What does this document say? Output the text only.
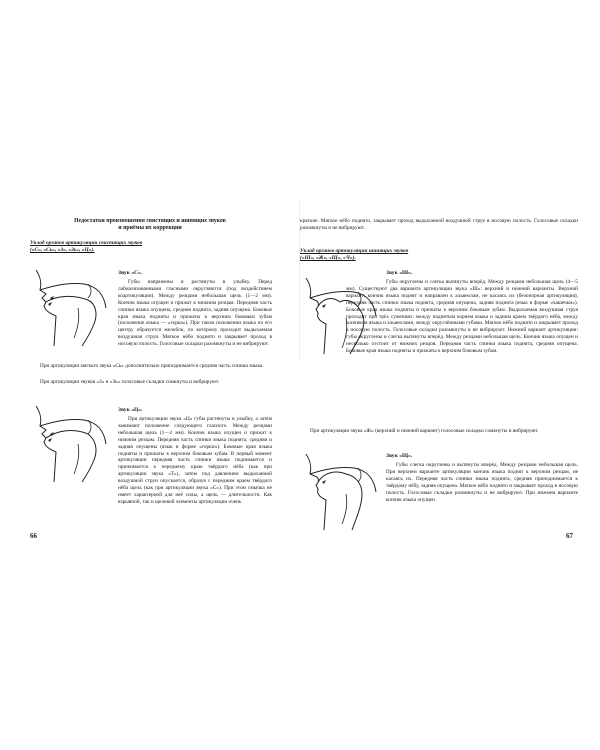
Недостатки произношения свистящих и шипящих звуков
и приёмы их коррекции
Уклад органов артикуляции свистящих звуков
(«С», «Сь», «З», «Зь», «Ц»).
Звук «С».

Губы напряжены и растянуты в улыбку. Перед лабиализованными гласными округляются (под воздействием коартикуляции). Между резцами небольшая щель (1—2 мм). Кончик языка опущен и прижат к нижним резцам. Передняя часть спинки языка опущена, средняя поднята, задняя опущена. Боковые края языка подняты и прижаты к верхним боковым зубам (положение языка — «горка»). При таком положении языка по его центру образуется желобок, по которому проходит выдыхаемая воздушная струя. Мягкое нёбо поднято и закрывает проход в носовую полость. Голосовые складки разомкнуты и не вибрируют.

При артикуляции мягкого звука «Сь» дополнительно приподнимается средняя часть спинки языка.

При артикуляции звуков «З» и «Зь» голосовые складки сомкнуты и вибрируют.

Звук «Ц».

При артикуляции звука «Ц» губы растянуты в улыбку, а затем занимают положение следующего гласного. Между резцами небольшая щель (1—2 мм). Кончик языка опущен и прижат к нижним резцам. Передняя часть спинки языка поднята, средняя и задняя опущены (язык в форме «горки»). Боковые края языка подняты и прижаты к верхним боковым зубам. В первый момент артикуляции передняя часть спинки языка поднимается и прижимается к переднему краю твёрдого нёба (как при артикуляции звука «Т»), затем под давлением выдыхаемой воздушной струи опускается, образуя с передним краем твёрдого нёба щель (как при артикуляции звука «С»). При этом смычка не имеет характерной для неё силы, а щель — длительности. Как взрывной, так и щелевой элементы артикуляции очень

66

краткие. Мягкое нёбо поднято, закрывает проход выдыхаемой воздушной струе в носовую полость. Голосовые складки разомкнуты и не вибрируют.

Уклад органов артикуляции шипящих звуков
(«Ш», «Ж», «Щ», «Ч»).
Звук «Ш».

Губы округлены и слегка вытянуты вперёд. Между резцами небольшая щель (4—5 мм). Существуют два варианта артикуляции звука «Ш»: верхний и нижний варианты. Верхний вариант: кончик языка поднят и направлен к альвеолам, не касаясь их (безопорная артикуляция), передняя часть спинки языка поднята, средняя опущена, задняя поднята (язык в форме «чашечки»). Боковые края языка подняты и прижаты к верхним боковым зубам. Выдыхаемая воздушная струя проходит при трёх сужениях: между поднятым корнем языка и задним краем твёрдого нёба, между кончиком языка и альвеолами, между округлёнными губами. Мягкое нёбо поднято и закрывает проход в носовую полость. Голосовые складки разомкнуты и не вибрируют. Нижний вариант артикуляции: губы округлены и слегка вытянуты вперёд. Между резцами небольшая щель. Кончик языка опущен и несколько отстоит от нижних резцов. Передняя часть спинки языка поднята, средняя опущена. Боковые края языка подняты и прижаты к верхним боковым зубам.

При артикуляции звука «Ж» (верхний и нижний вариант) голосовые складки сомкнуты и вибрируют.

Звук «Щ».

Губы слегка округлены и вытянуты вперёд. Между резцами небольшая щель. При верхнем варианте артикуляции кончик языка поднят к верхним резцам, не касаясь их. Передняя часть спинки языка поднята, средняя приподнимается к твёрдому нёбу, задняя опущена. Мягкое нёбо поднято и закрывает проход в носовую полость. Голосовые складки разомкнуты и не вибрируют. При нижнем варианте кончик языка опущен

67
